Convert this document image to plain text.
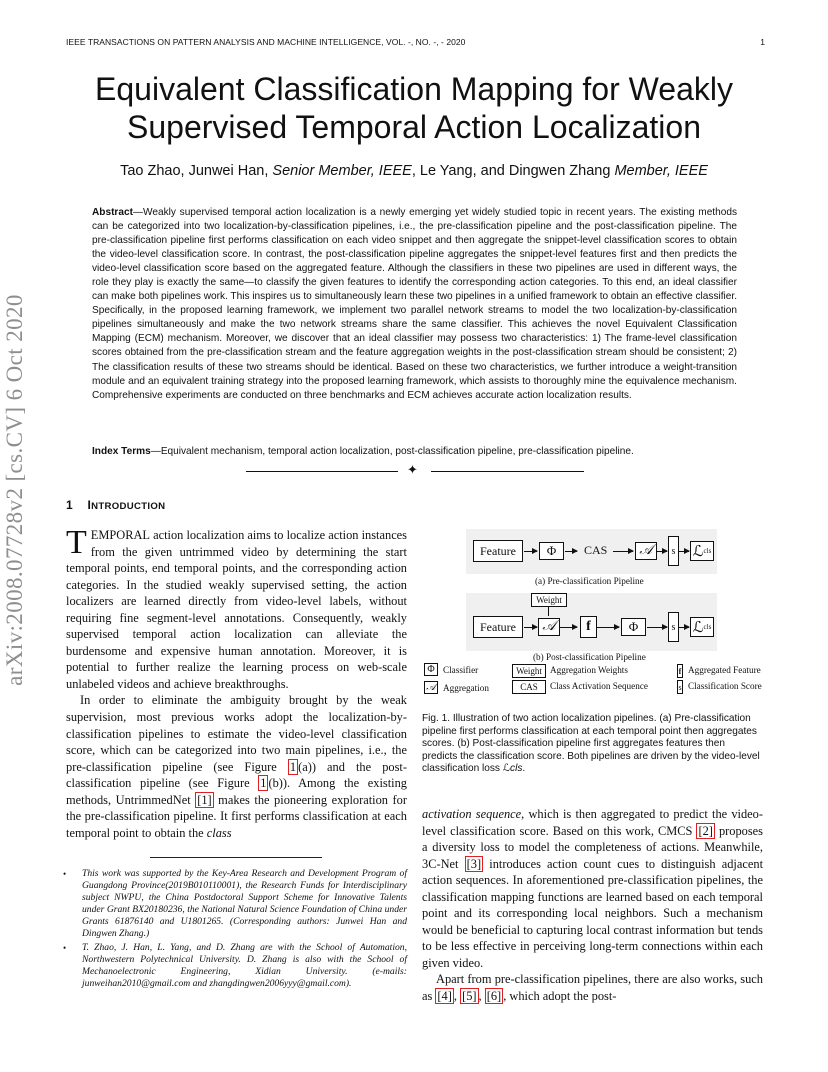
IEEE TRANSACTIONS ON PATTERN ANALYSIS AND MACHINE INTELLIGENCE, VOL. -, NO. -, - 2020	1
arXiv:2008.07728v2 [cs.CV] 6 Oct 2020
Equivalent Classification Mapping for Weakly
Supervised Temporal Action Localization
Tao Zhao, Junwei Han, Senior Member, IEEE, Le Yang, and Dingwen Zhang Member, IEEE
Abstract—Weakly supervised temporal action localization is a newly emerging yet widely studied topic in recent years. The existing methods can be categorized into two localization-by-classification pipelines, i.e., the pre-classification pipeline and the post-classification pipeline. The pre-classification pipeline first performs classification on each video snippet and then aggregate the snippet-level classification scores to obtain the video-level classification score. In contrast, the post-classification pipeline aggregates the snippet-level features first and then predicts the video-level classification score based on the aggregated feature. Although the classifiers in these two pipelines are used in different ways, the role they play is exactly the same—to classify the given features to identify the corresponding action categories. To this end, an ideal classifier can make both pipelines work. This inspires us to simultaneously learn these two pipelines in a unified framework to obtain an effective classifier. Specifically, in the proposed learning framework, we implement two parallel network streams to model the two localization-by-classification pipelines simultaneously and make the two network streams share the same classifier. This achieves the novel Equivalent Classification Mapping (ECM) mechanism. Moreover, we discover that an ideal classifier may possess two characteristics: 1) The frame-level classification scores obtained from the pre-classification stream and the feature aggregation weights in the post-classification stream should be consistent; 2) The classification results of these two streams should be identical. Based on these two characteristics, we further introduce a weight-transition module and an equivalent training strategy into the proposed learning framework, which assists to thoroughly mine the equivalence mechanism. Comprehensive experiments are conducted on three benchmarks and ECM achieves accurate action localization results.
Index Terms—Equivalent mechanism, temporal action localization, post-classification pipeline, pre-classification pipeline.
✦
1 INTRODUCTION

TEMPORAL action localization aims to localize action instances from the given untrimmed video by determining the start temporal points, end temporal points, and the corresponding action categories. In the studied weakly supervised setting, the action localizers are learned directly from video-level labels, without requiring fine segment-level annotations. Consequently, weakly supervised temporal action localization can alleviate the burdensome and expensive human annotation. Moreover, it is potential to further realize the learning process on web-scale unlabeled videos and achieve breakthroughs.

In order to eliminate the ambiguity brought by the weak supervision, most previous works adopt the localization-by-classification pipelines to estimate the video-level classification score, which can be categorized into two main pipelines, i.e., the pre-classification pipeline (see Figure 1 (a)) and the post-classification pipeline (see Figure 1 (b)). Among the existing methods, UntrimmedNet [1] makes the pioneering exploration for the pre-classification pipeline. It first performs classification at each temporal point to obtain the class

• This work was supported by the Key-Area Research and Development Program of Guangdong Province(2019B010110001), the Research Funds for Interdisciplinary subject NWPU, the China Postdoctoral Support Scheme for Innovative Talents under Grant BX20180236, the National Natural Science Foundation of China under Grants 61876140 and U1801265. (Corresponding authors: Junwei Han and Dingwen Zhang.)
• T. Zhao, J. Han, L. Yang, and D. Zhang are with the School of Automation, Northwestern Polytechnical University. D. Zhang is also with the School of Mechanoelectronic Engineering, Xidian University. (e-mails: junweihan2010@gmail.com and zhangdingwen2006yyy@gmail.com).
Feature	Φ	CAS	𝒜	s ℒ cls
(a) Pre-classification Pipeline
Weight
Feature	𝒜	f	Φ	s ℒ cls
(b) Post-classification Pipeline
Φ Classifier
𝒜 Aggregation
Weight Aggregation Weights
CAS	Class Activation Sequence
f Aggregated Feature
s Classification Score
Fig. 1. Illustration of two action localization pipelines. (a) Pre-classification pipeline first performs classification at each temporal point then aggregates scores. (b) Post-classification pipeline first aggregates features then predicts the classification score. Both pipelines are driven by the video-level classification loss ℒcls.

activation sequence, which is then aggregated to predict the video-level classification score. Based on this work, CMCS [2] proposes a diversity loss to model the completeness of actions. Meanwhile, 3C-Net [3] introduces action count cues to distinguish adjacent action sequences. In aforementioned pre-classification pipelines, the classification mapping functions are learned based on each temporal point and its corresponding local neighbors. Such a mechanism would be beneficial to capturing local contrast information but tends to be less effective in perceiving long-term connections within each given video.

Apart from pre-classification pipelines, there are also works, such as [4] , [5] , [6] , which adopt the post-
